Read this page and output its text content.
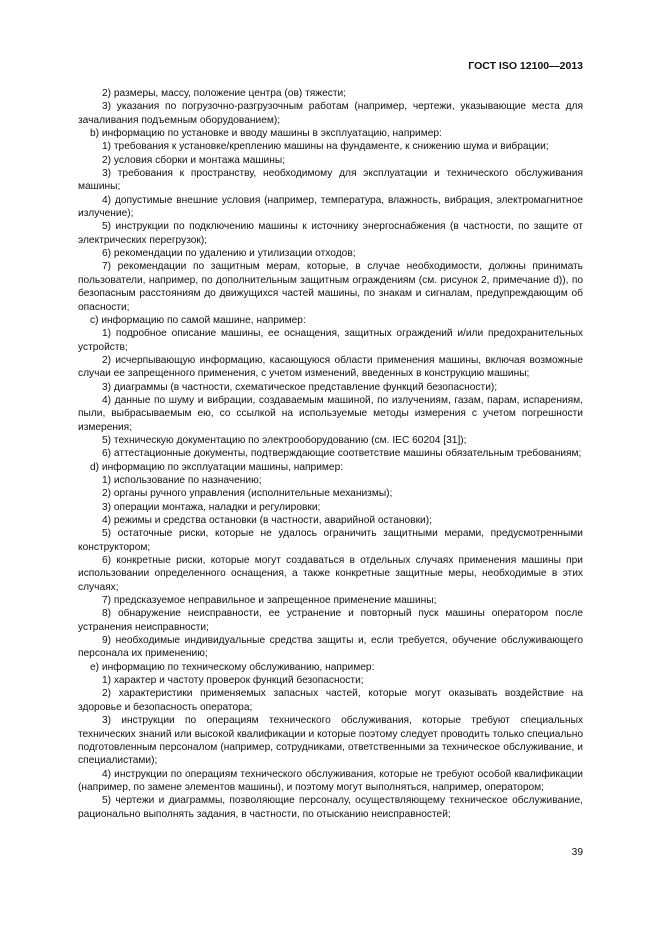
ГОСТ ISO 12100—2013

2) размеры, массу, положение центра (ов) тяжести;

3) указания по погрузочно-разгрузочным работам (например, чертежи, указывающие места для зачаливания подъемным оборудованием);

b) информацию по установке и вводу машины в эксплуатацию, например:

1) требования к установке/креплению машины на фундаменте, к снижению шума и вибрации;

2) условия сборки и монтажа машины;

3) требования к пространству, необходимому для эксплуатации и технического обслуживания машины;

4) допустимые внешние условия (например, температура, влажность, вибрация, электромагнитное излучение);

5) инструкции по подключению машины к источнику энергоснабжения (в частности, по защите от электрических перегрузок);

6) рекомендации по удалению и утилизации отходов;

7) рекомендации по защитным мерам, которые, в случае необходимости, должны принимать пользователи, например, по дополнительным защитным ограждениям (см. рисунок 2, примечание d)), по безопасным расстояниям до движущихся частей машины, по знакам и сигналам, предупреждающим об опасности;

c) информацию по самой машине, например:

1) подробное описание машины, ее оснащения, защитных ограждений и/или предохранительных устройств;

2) исчерпывающую информацию, касающуюся области применения машины, включая возможные случаи ее запрещенного применения, с учетом изменений, введенных в конструкцию машины;

3) диаграммы (в частности, схематическое представление функций безопасности);

4) данные по шуму и вибрации, создаваемым машиной, по излучениям, газам, парам, испарениям, пыли, выбрасываемым ею, со ссылкой на используемые методы измерения с учетом погрешности измерения;

5) техническую документацию по электрооборудованию (см. IEC 60204 [31]);

6) аттестационные документы, подтверждающие соответствие машины обязательным требованиям;

d) информацию по эксплуатации машины, например:

1) использование по назначению;

2) органы ручного управления (исполнительные механизмы);

3) операции монтажа, наладки и регулировки;

4) режимы и средства остановки (в частности, аварийной остановки);

5) остаточные риски, которые не удалось ограничить защитными мерами, предусмотренными конструктором;

6) конкретные риски, которые могут создаваться в отдельных случаях применения машины при использовании определенного оснащения, а также конкретные защитные меры, необходимые в этих случаях;

7) предсказуемое неправильное и запрещенное применение машины;

8) обнаружение неисправности, ее устранение и повторный пуск машины оператором после устранения неисправности;

9) необходимые индивидуальные средства защиты и, если требуется, обучение обслуживающего персонала их применению;

e) информацию по техническому обслуживанию, например:

1) характер и частоту проверок функций безопасности;

2) характеристики применяемых запасных частей, которые могут оказывать воздействие на здоровье и безопасность оператора;

3) инструкции по операциям технического обслуживания, которые требуют специальных технических знаний или высокой квалификации и которые поэтому следует проводить только специально подготовленным персоналом (например, сотрудниками, ответственными за техническое обслуживание, и специалистами);

4) инструкции по операциям технического обслуживания, которые не требуют особой квалификации (например, по замене элементов машины), и поэтому могут выполняться, например, оператором;

5) чертежи и диаграммы, позволяющие персоналу, осуществляющему техническое обслуживание, рационально выполнять задания, в частности, по отысканию неисправностей;

39
